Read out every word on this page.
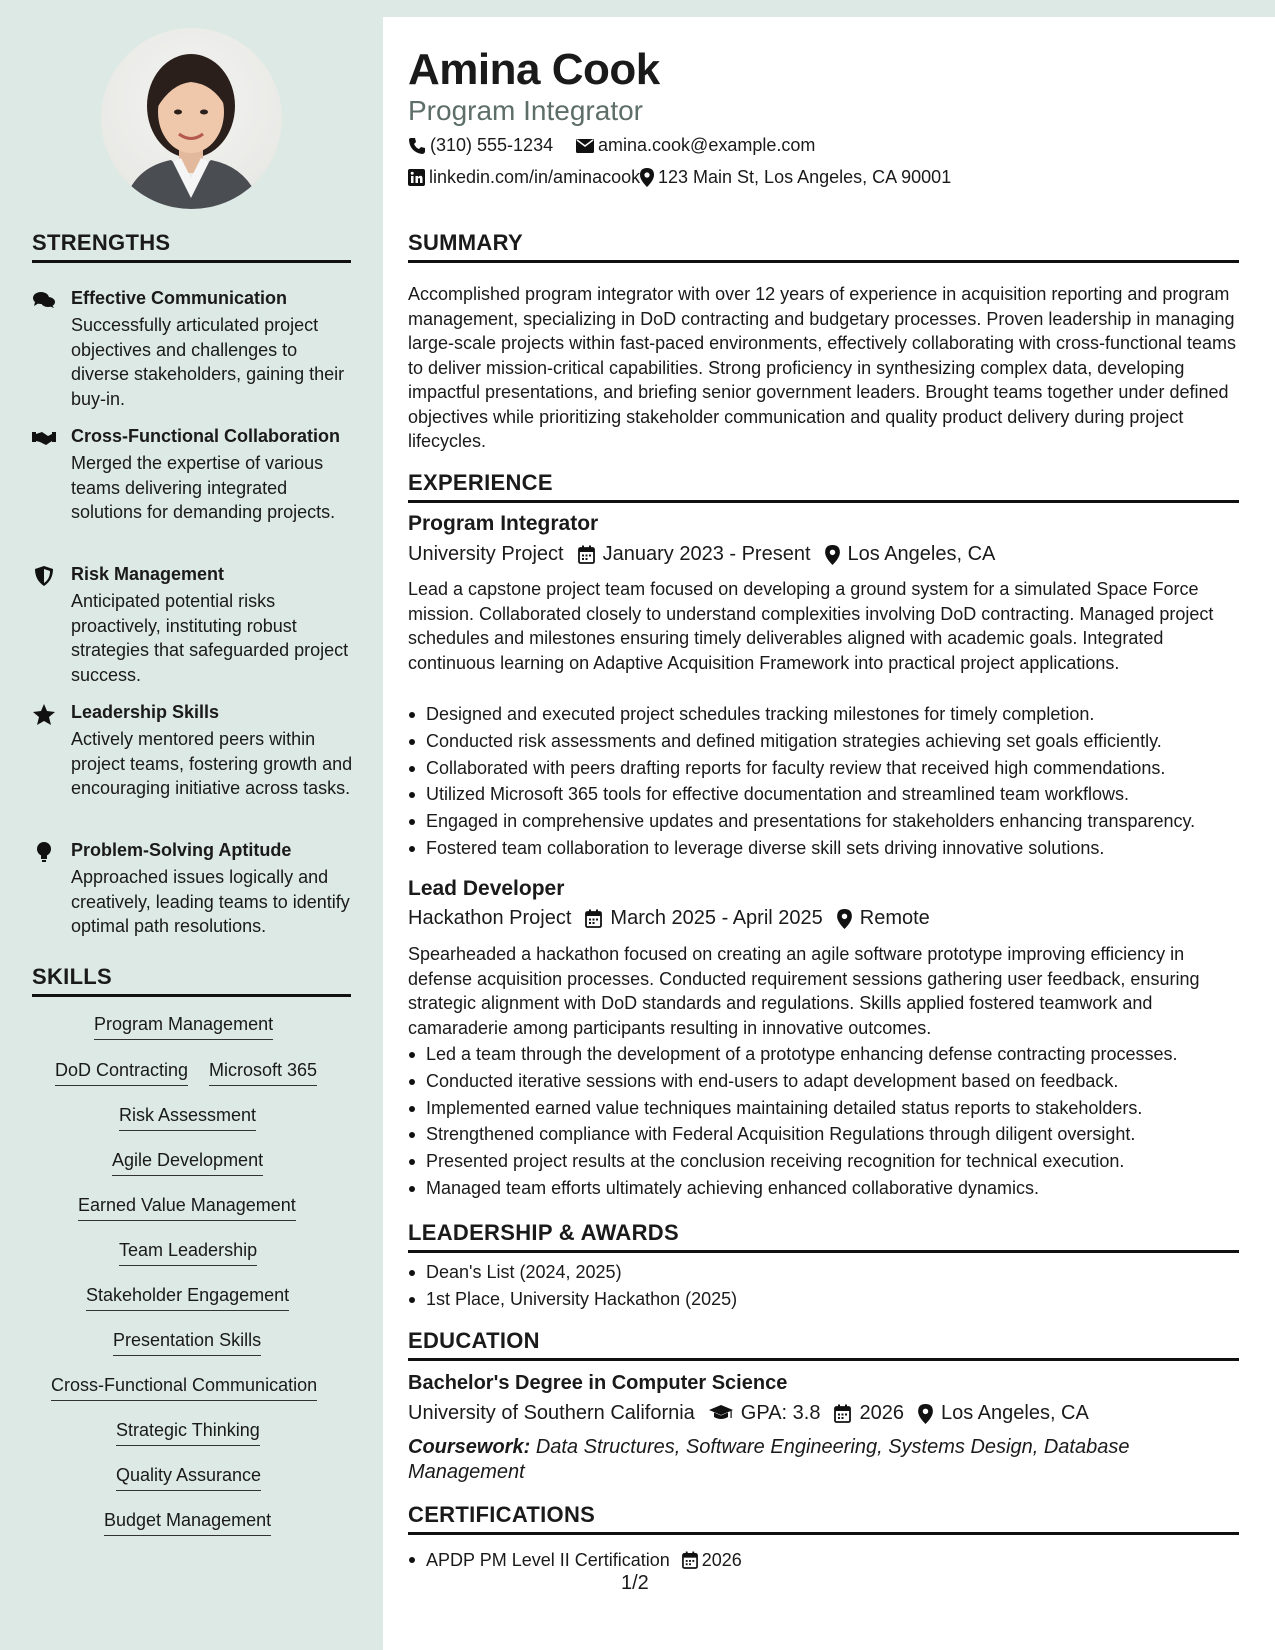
STRENGTHS
Effective Communication
Successfully articulated project objectives and challenges to diverse stakeholders, gaining their buy-in.
Cross-Functional Collaboration
Merged the expertise of various teams delivering integrated solutions for demanding projects.
Risk Management
Anticipated potential risks proactively, instituting robust strategies that safeguarded project success.
Leadership Skills
Actively mentored peers within project teams, fostering growth and encouraging initiative across tasks.
Problem-Solving Aptitude
Approached issues logically and creatively, leading teams to identify optimal path resolutions.
SKILLS
Program Management
DoD Contracting Microsoft 365
Risk Assessment
Agile Development
Earned Value Management
Team Leadership
Stakeholder Engagement
Presentation Skills
Cross-Functional Communication
Strategic Thinking
Quality Assurance
Budget Management
Amina Cook
Program Integrator
(310) 555-1234 amina.cook@example.com
linkedin.com/in/aminacook 123 Main St, Los Angeles, CA 90001
SUMMARY
Accomplished program integrator with over 12 years of experience in acquisition reporting and program management, specializing in DoD contracting and budgetary processes. Proven leadership in managing large-scale projects within fast-paced environments, effectively collaborating with cross-functional teams to deliver mission-critical capabilities. Strong proficiency in synthesizing complex data, developing impactful presentations, and briefing senior government leaders. Brought teams together under defined objectives while prioritizing stakeholder communication and quality product delivery during project lifecycles.
EXPERIENCE
Program Integrator
University Project January 2023 - Present Los Angeles, CA
Lead a capstone project team focused on developing a ground system for a simulated Space Force mission. Collaborated closely to understand complexities involving DoD contracting. Managed project schedules and milestones ensuring timely deliverables aligned with academic goals. Integrated continuous learning on Adaptive Acquisition Framework into practical project applications.
Designed and executed project schedules tracking milestones for timely completion.
Conducted risk assessments and defined mitigation strategies achieving set goals efficiently.
Collaborated with peers drafting reports for faculty review that received high commendations.
Utilized Microsoft 365 tools for effective documentation and streamlined team workflows.
Engaged in comprehensive updates and presentations for stakeholders enhancing transparency.
Fostered team collaboration to leverage diverse skill sets driving innovative solutions.
Lead Developer
Hackathon Project March 2025 - April 2025 Remote
Spearheaded a hackathon focused on creating an agile software prototype improving efficiency in defense acquisition processes. Conducted requirement sessions gathering user feedback, ensuring strategic alignment with DoD standards and regulations. Skills applied fostered teamwork and camaraderie among participants resulting in innovative outcomes.
Led a team through the development of a prototype enhancing defense contracting processes.
Conducted iterative sessions with end-users to adapt development based on feedback.
Implemented earned value techniques maintaining detailed status reports to stakeholders.
Strengthened compliance with Federal Acquisition Regulations through diligent oversight.
Presented project results at the conclusion receiving recognition for technical execution.
Managed team efforts ultimately achieving enhanced collaborative dynamics.
LEADERSHIP & AWARDS
Dean's List (2024, 2025)
1st Place, University Hackathon (2025)
EDUCATION
Bachelor's Degree in Computer Science
University of Southern California GPA: 3.8 2026 Los Angeles, CA
Coursework: Data Structures, Software Engineering, Systems Design, Database Management
CERTIFICATIONS
APDP PM Level II Certification 2026
1/2
